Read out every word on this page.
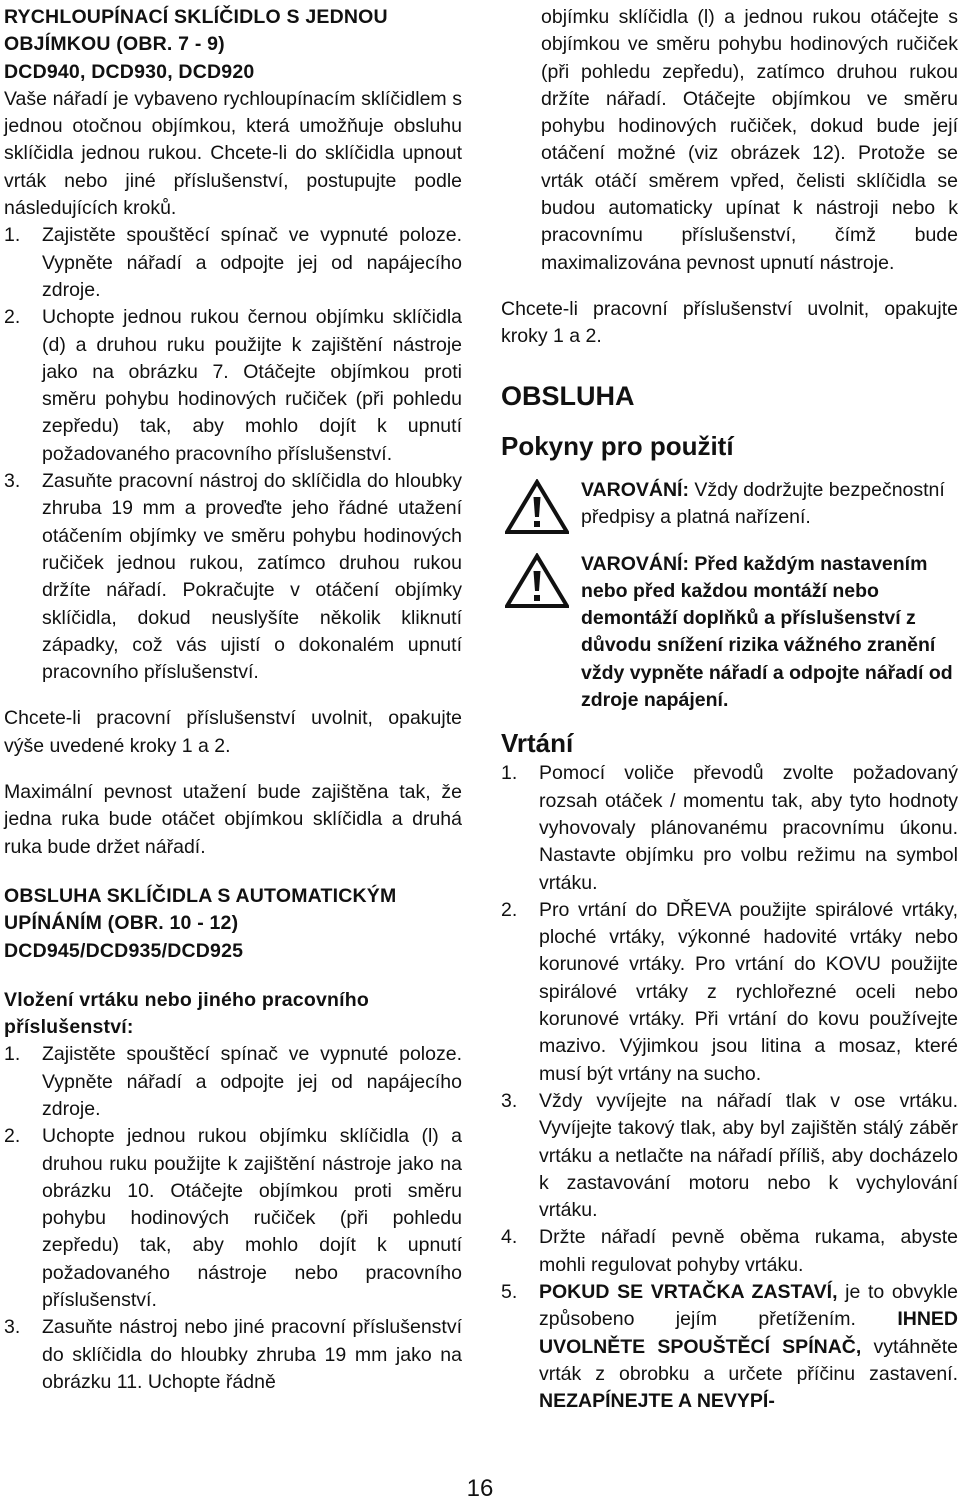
RYCHLOUPÍNACÍ SKLÍČIDLO S JEDNOU OBJÍMKOU (OBR. 7 - 9)

DCD940, DCD930, DCD920

Vaše nářadí je vybaveno rychloupínacím sklíčidlem s jednou otočnou objímkou, která umožňuje obsluhu sklíčidla jednou rukou. Chcete-li do sklíčidla upnout vrták nebo jiné příslušenství, postupujte podle následujících kroků.

1. Zajistěte spouštěcí spínač ve vypnuté poloze. Vypněte nářadí a odpojte jej od napájecího zdroje.
2. Uchopte jednou rukou černou objímku sklíčidla (d) a druhou ruku použijte k zajištění nástroje jako na obrázku 7. Otáčejte objímkou proti směru pohybu hodinových ručiček (při pohledu zepředu) tak, aby mohlo dojít k upnutí požadovaného pracovního příslušenství.
3. Zasuňte pracovní nástroj do sklíčidla do hloubky zhruba 19 mm a proveďte jeho řádné utažení otáčením objímky ve směru pohybu hodinových ručiček jednou rukou, zatímco druhou rukou držíte nářadí. Pokračujte v otáčení objímky sklíčidla, dokud neuslyšíte několik kliknutí západky, což vás ujistí o dokonalém upnutí pracovního příslušenství.

Chcete-li pracovní příslušenství uvolnit, opakujte výše uvedené kroky 1 a 2.

Maximální pevnost utažení bude zajištěna tak, že jedna ruka bude otáčet objímkou sklíčidla a druhá ruka bude držet nářadí.

OBSLUHA SKLÍČIDLA S AUTOMATICKÝM UPÍNÁNÍM (OBR. 10 - 12)

DCD945/DCD935/DCD925

Vložení vrtáku nebo jiného pracovního příslušenství:

1. Zajistěte spouštěcí spínač ve vypnuté poloze. Vypněte nářadí a odpojte jej od napájecího zdroje.
2. Uchopte jednou rukou objímku sklíčidla (l) a druhou ruku použijte k zajištění nástroje jako na obrázku 10. Otáčejte objímkou proti směru pohybu hodinových ručiček (při pohledu zepředu) tak, aby mohlo dojít k upnutí požadovaného nástroje nebo pracovního příslušenství.
3. Zasuňte nástroj nebo jiné pracovní příslušenství do sklíčidla do hloubky zhruba 19 mm jako na obrázku 11. Uchopte řádně

objímku sklíčidla (l) a jednou rukou otáčejte s objímkou ve směru pohybu hodinových ručiček (při pohledu zepředu), zatímco druhou rukou držíte nářadí. Otáčejte objímkou ve směru pohybu hodinových ručiček, dokud bude její otáčení možné (viz obrázek 12). Protože se vrták otáčí směrem vpřed, čelisti sklíčidla se budou automaticky upínat k nástroji nebo k pracovnímu příslušenství, čímž bude maximalizována pevnost upnutí nástroje.

Chcete-li pracovní příslušenství uvolnit, opakujte kroky 1 a 2.

OBSLUHA
Pokyny pro použití

VAROVÁNÍ: Vždy dodržujte bezpečnostní předpisy a platná nařízení.

VAROVÁNÍ: Před každým nastavením nebo před každou montáží nebo demontáží doplňků a příslušenství z důvodu snížení rizika vážného zranění vždy vypněte nářadí a odpojte nářadí od zdroje napájení.

Vrtání
1. Pomocí voliče převodů zvolte požadovaný rozsah otáček / momentu tak, aby tyto hodnoty vyhovovaly plánovanému pracovnímu úkonu. Nastavte objímku pro volbu režimu na symbol vrtáku.
2. Pro vrtání do DŘEVA použijte spirálové vrtáky, ploché vrtáky, výkonné hadovité vrtáky nebo korunové vrtáky. Pro vrtání do KOVU použijte spirálové vrtáky z rychlořezné oceli nebo korunové vrtáky. Při vrtání do kovu používejte mazivo. Výjimkou jsou litina a mosaz, které musí být vrtány na sucho.
3. Vždy vyvíjejte na nářadí tlak v ose vrtáku. Vyvíjejte takový tlak, aby byl zajištěn stálý záběr vrtáku a netlačte na nářadí příliš, aby docházelo k zastavování motoru nebo k vychylování vrtáku.
4. Držte nářadí pevně oběma rukama, abyste mohli regulovat pohyby vrtáku.
5. POKUD SE VRTAČKA ZASTAVÍ, je to obvykle způsobeno jejím přetížením. IHNED UVOLNĚTE SPOUŠTĚCÍ SPÍNAČ, vytáhněte vrták z obrobku a určete příčinu zastavení. NEZAPÍNEJTE A NEVYPÍ-
16
